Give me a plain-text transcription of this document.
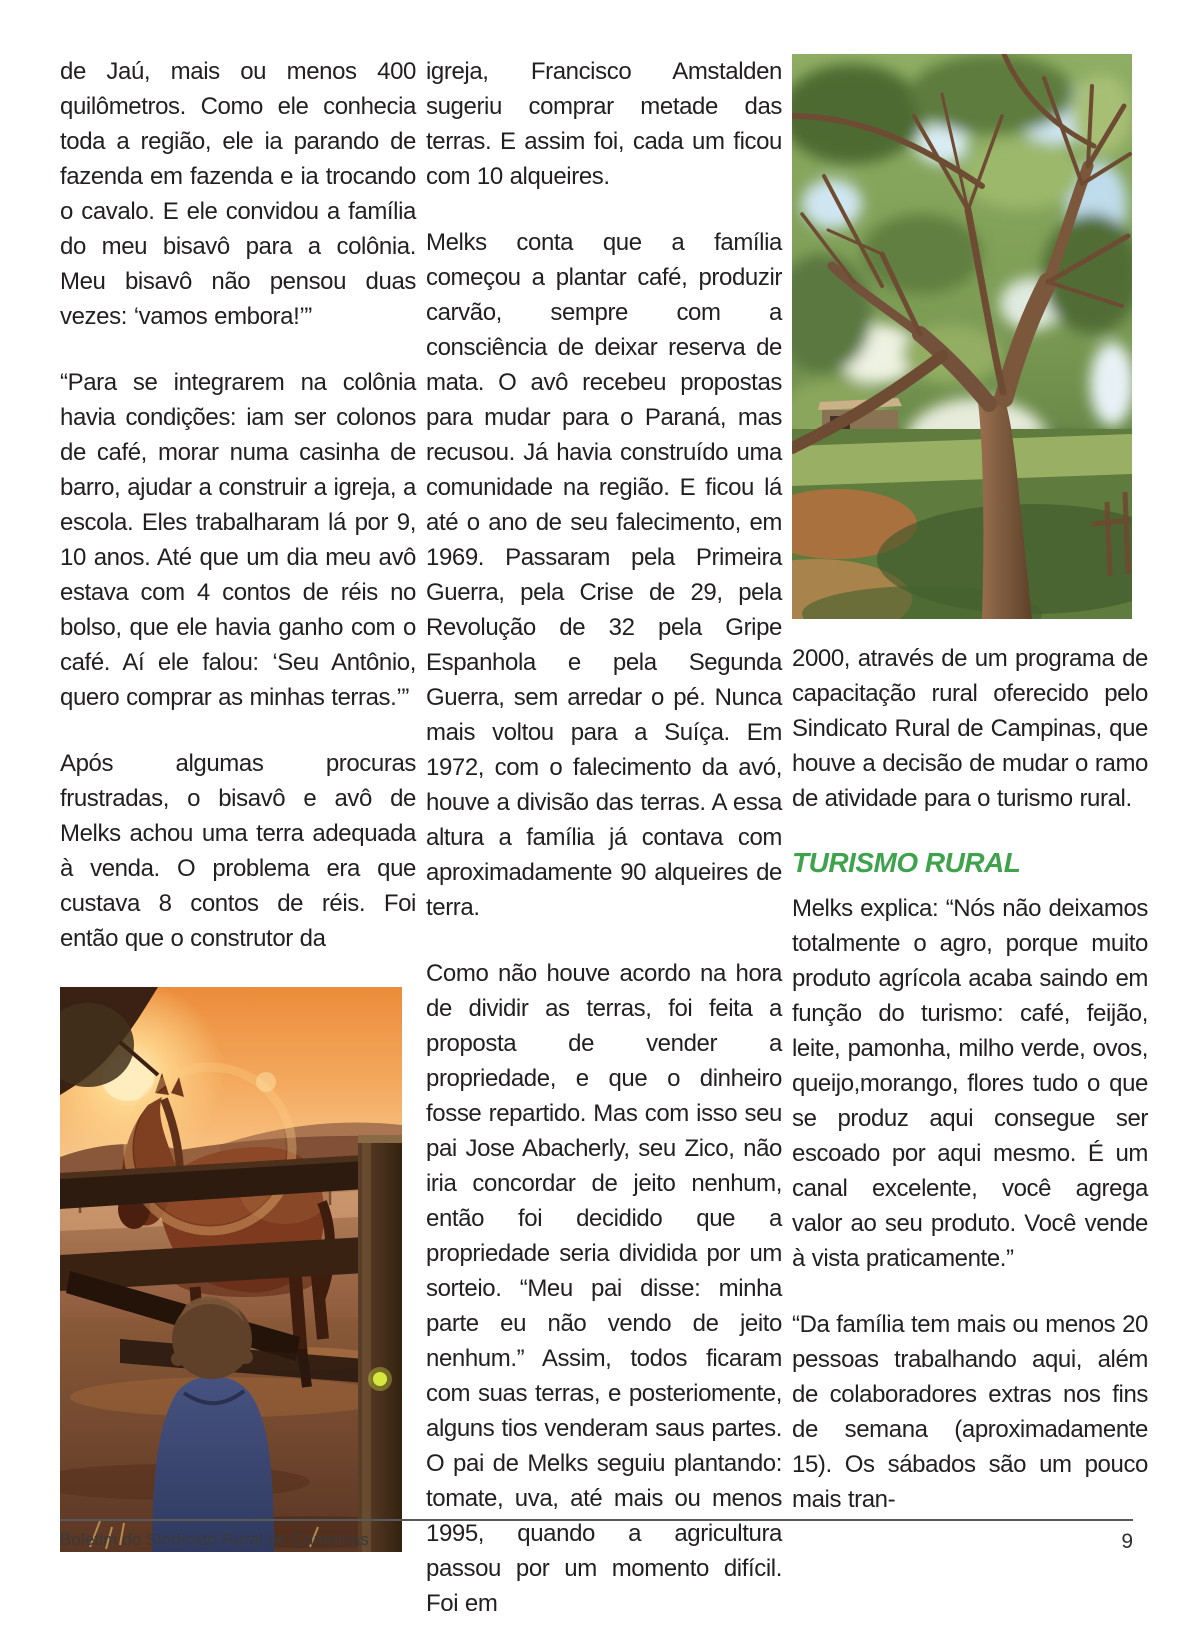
de Jaú, mais ou menos 400 quilômetros. Como ele conhecia toda a região, ele ia parando de fazenda em fazenda e ia trocando o cavalo. E ele convidou a família do meu bisavô para a colônia. Meu bisavô não pensou duas vezes: ‘vamos embora!’”

“Para se integrarem na colônia havia condições: iam ser colonos de café, morar numa casinha de barro, ajudar a construir a igreja, a escola. Eles trabalharam lá por 9, 10 anos. Até que um dia meu avô estava com 4 contos de réis no bolso, que ele havia ganho com o café. Aí ele falou: ‘Seu Antônio, quero comprar as minhas terras.’”

Após algumas procuras frustradas, o bisavô e avô de Melks achou uma terra adequada à venda. O problema era que custava 8 contos de réis. Foi então que o construtor da

igreja, Francisco Amstalden sugeriu comprar metade das terras. E assim foi, cada um ficou com 10 alqueires.

Melks conta que a família começou a plantar café, produzir carvão, sempre com a consciência de deixar reserva de mata. O avô recebeu propostas para mudar para o Paraná, mas recusou. Já havia construído uma comunidade na região. E ficou lá até o ano de seu falecimento, em 1969. Passaram pela Primeira Guerra, pela Crise de 29, pela Revolução de 32 pela Gripe Espanhola e pela Segunda Guerra, sem arredar o pé. Nunca mais voltou para a Suíça. Em 1972, com o falecimento da avó, houve a divisão das terras. A essa altura a família já contava com aproximadamente 90 alqueires de terra.

Como não houve acordo na hora de dividir as terras, foi feita a proposta de vender a propriedade, e que o dinheiro fosse repartido. Mas com isso seu pai Jose Abacherly, seu Zico, não iria concordar de jeito nenhum, então foi decidido que a propriedade seria dividida por um sorteio. “Meu pai disse: minha parte eu não vendo de jeito nenhum.” Assim, todos ficaram com suas terras, e posteriomente, alguns tios venderam saus partes. O pai de Melks seguiu plantando: tomate, uva, até mais ou menos 1995, quando a agricultura passou por um momento difícil. Foi em

2000, através de um programa de capacitação rural oferecido pelo Sindicato Rural de Campinas, que houve a decisão de mudar o ramo de atividade para o turismo rural.

TURISMO RURAL

Melks explica: “Nós não deixamos totalmente o agro, porque muito produto agrícola acaba saindo em função do turismo: café, feijão, leite, pamonha, milho verde, ovos, queijo,morango, flores tudo o que se produz aqui consegue ser escoado por aqui mesmo. É um canal excelente, você agrega valor ao seu produto. Você vende à vista praticamente.”

“Da família tem mais ou menos 20 pessoas trabalhando aqui, além de colaboradores extras nos fins de semana (aproximadamente 15). Os sábados são um pouco mais tran-

Boletim do Sindicato Rural de Campinas	9
